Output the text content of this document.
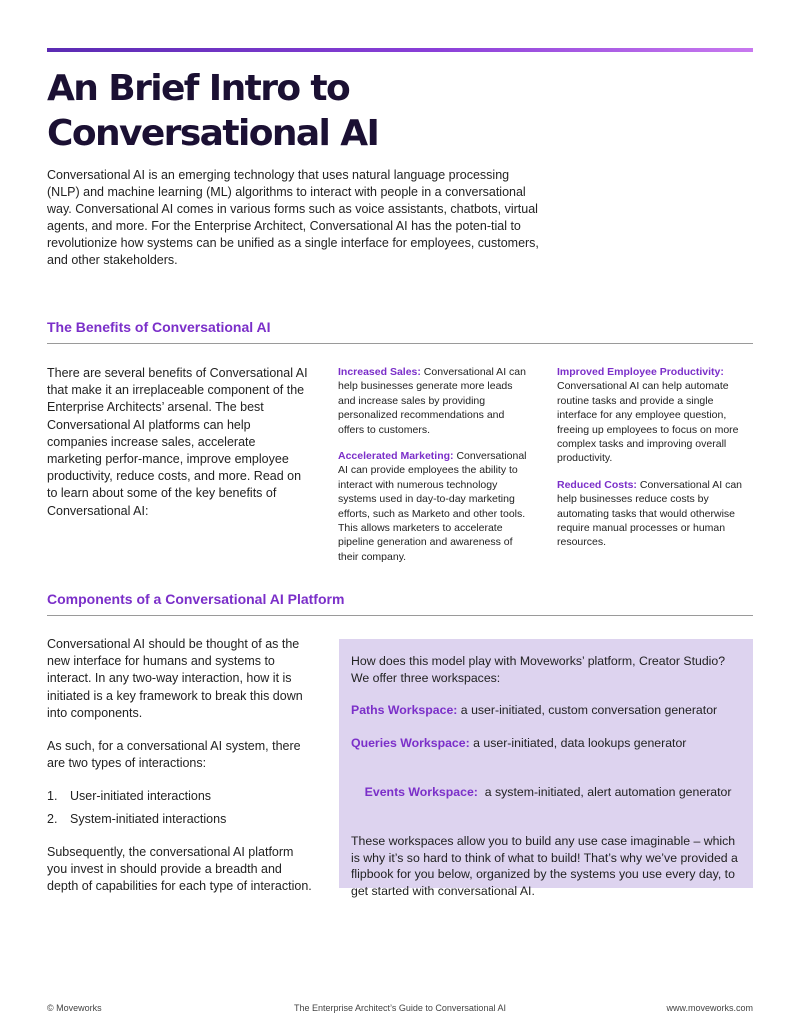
An Brief Intro to
Conversational AI

Conversational AI is an emerging technology that uses natural language processing (NLP) and machine learning (ML) algorithms to interact with people in a conversational way. Conversational AI comes in various forms such as voice assistants, chatbots, virtual agents, and more. For the Enterprise Architect, Conversational AI has the poten-tial to revolutionize how systems can be unified as a single interface for employees, customers, and other stakeholders.

The Benefits of Conversational AI

There are several benefits of Conversational AI that make it an irreplaceable component of the Enterprise Architects’ arsenal. The best Conversational AI platforms can help companies increase sales, accelerate marketing perfor-mance, improve employee productivity, reduce costs, and more. Read on to learn about some of the key benefits of Conversational AI:

Increased Sales: Conversational AI can help businesses generate more leads and increase sales by providing personalized recommendations and offers to customers.

Accelerated Marketing: Conversational AI can provide employees the ability to interact with numerous technology systems used in day-to-day marketing efforts, such as Marketo and other tools. This allows marketers to accelerate pipeline generation and awareness of their company.

Improved Employee Productivity: Conversational AI can help automate routine tasks and provide a single interface for any employee question, freeing up employees to focus on more complex tasks and improving overall productivity.

Reduced Costs: Conversational AI can help businesses reduce costs by automating tasks that would otherwise require manual processes or human resources.

Components of a Conversational AI Platform

Conversational AI should be thought of as the new interface for humans and systems to interact. In any two-way interaction, how it is initiated is a key framework to break this down into components.

As such, for a conversational AI system, there are two types of interactions:

1.	User-initiated interactions
2.	System-initiated interactions

Subsequently, the conversational AI platform you invest in should provide a breadth and depth of capabilities for each type of interaction.

How does this model play with Moveworks’ platform, Creator Studio? We offer three workspaces:

Paths Workspace: a user-initiated, custom conversation generator

Queries Workspace: a user-initiated, data lookups generator

Events Workspace:  a system-initiated, alert automation generator

These workspaces allow you to build any use case imaginable – which is why it’s so hard to think of what to build! That’s why we’ve provided a flipbook for you below, organized by the systems you use every day, to get started with conversational AI.

© Moveworks	The Enterprise Architect’s Guide to Conversational AI	www.moveworks.com
